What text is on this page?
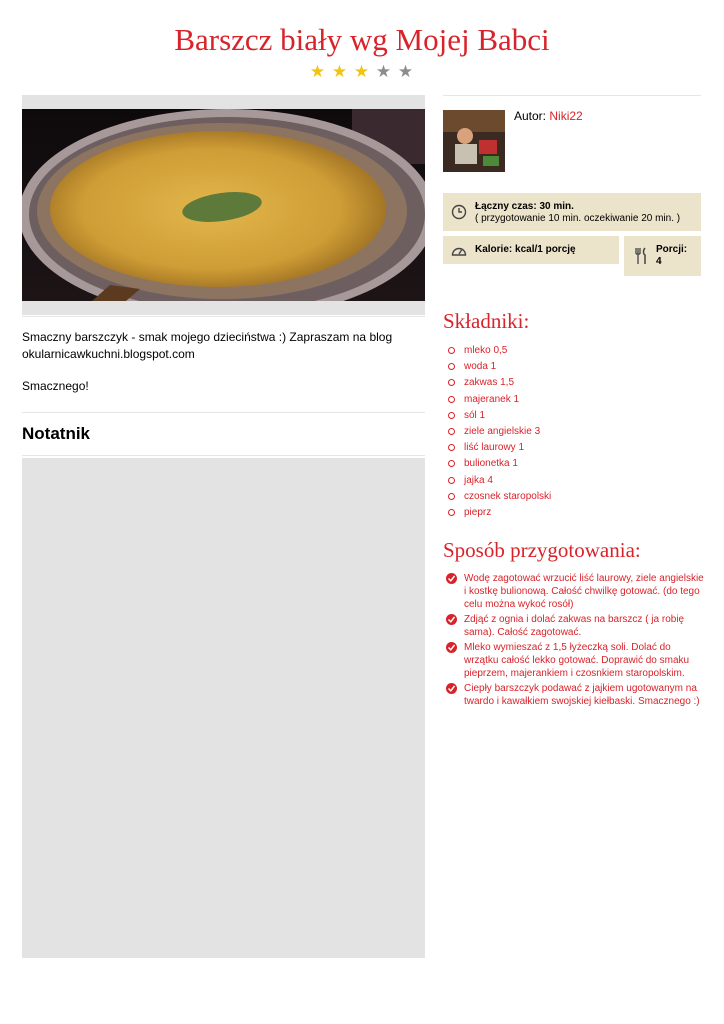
Barszcz biały wg Mojej Babci
★ ★ ★ ★ ★

Smaczny barszczyk - smak mojego dzieciństwa :) Zapraszam na blog okularnicawkuchni.blogspot.com

Smacznego!

Notatnik
Autor: Niki22
Łączny czas: 30 min.
( przygotowanie 10 min. oczekiwanie 20 min. )
Kalorie: kcal/1 porcję	Porcji:
4
Składniki:
mleko 0,5
woda 1
zakwas 1,5
majeranek 1
sól 1
ziele angielskie 3
liść laurowy 1
bulionetka 1
jajka 4
czosnek staropolski
pieprz
Sposób przygotowania:
Wodę zagotować wrzucić liść laurowy, ziele angielskie i kostkę bulionową. Całość chwilkę gotować. (do tego celu można wykoć rosół)
Zdjąć z ognia i dolać zakwas na barszcz ( ja robię sama). Całość zagotować.
Mleko wymieszać z 1,5 łyżeczką soli. Dolać do wrzątku całość lekko gotować. Doprawić do smaku pieprzem, majerankiem i czosnkiem staropolskim.
Ciepły barszczyk podawać z jajkiem ugotowanym na twardo i kawałkiem swojskiej kiełbaski. Smacznego :)
